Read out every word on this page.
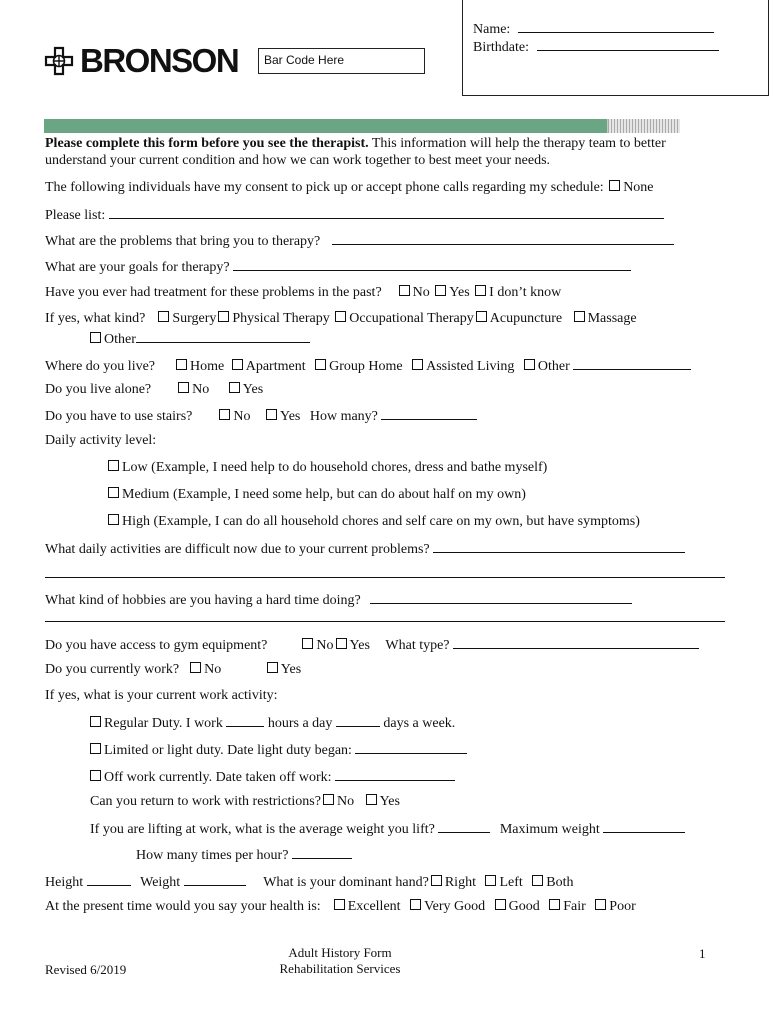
BRONSON	Bar Code Here
Name:
Birthdate:
Please complete this form before you see the therapist. This information will help the therapy team to better
understand your current condition and how we can work together to best meet your needs.
The following individuals have my consent to pick up or accept phone calls regarding my schedule: None
Please list:
What are the problems that bring you to therapy?
What are your goals for therapy?
Have you ever had treatment for these problems in the past? No Yes I don’t know
If yes, what kind? Surgery Physical Therapy Occupational Therapy Acupuncture Massage
Other
Where do you live?	Home Apartment Group Home Assisted Living Other
Do you live alone?	No Yes
Do you have to use stairs?	No Yes How many?
Daily activity level:
Low (Example, I need help to do household chores, dress and bathe myself)
Medium (Example, I need some help, but can do about half on my own)
High (Example, I can do all household chores and self care on my own, but have symptoms)
What daily activities are difficult now due to your current problems?
What kind of hobbies are you having a hard time doing?
Do you have access to gym equipment?	No Yes What type?
Do you currently work? No	Yes
If yes, what is your current work activity:
Regular Duty. I work	hours a day	days a week.
Limited or light duty. Date light duty began:
Off work currently. Date taken off work:
Can you return to work with restrictions? No Yes
If you are lifting at work, what is the average weight you lift?	Maximum weight
How many times per hour?
Height	Weight	What is your dominant hand? Right Left Both
At the present time would you say your health is: Excellent Very Good Good Fair Poor
Revised 6/2019
Adult History Form
Rehabilitation Services
1
